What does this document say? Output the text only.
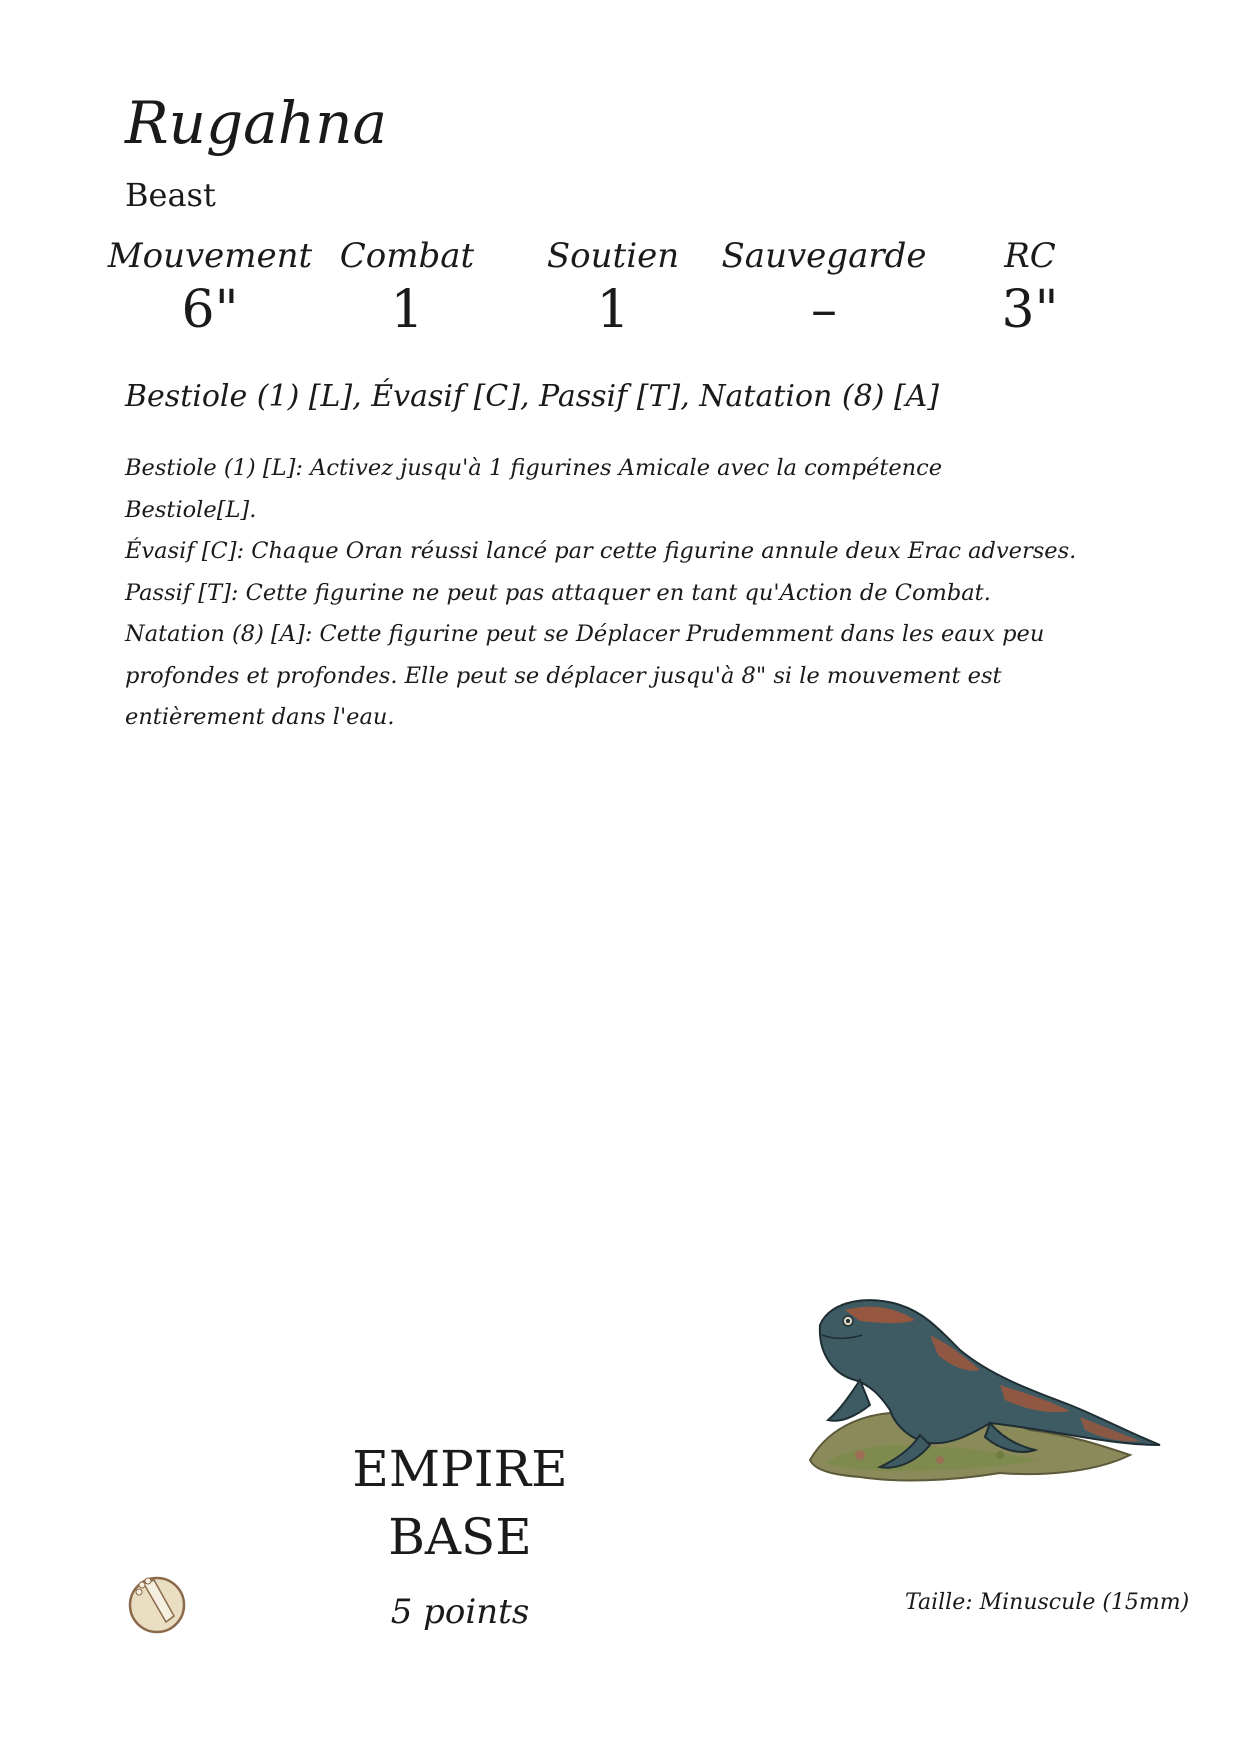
Rugahna
Beast
Mouvement
6"
Combat
1
Soutien
1
Sauvegarde
–
RC
3"
Bestiole (1) [L], Évasif [C], Passif [T], Natation (8) [A]
Bestiole (1) [L]: Activez jusqu'à 1 figurines Amicale avec la compétence
Bestiole[L].
Évasif [C]: Chaque Oran réussi lancé par cette figurine annule deux Erac adverses.
Passif [T]: Cette figurine ne peut pas attaquer en tant qu'Action de Combat.
Natation (8) [A]: Cette figurine peut se Déplacer Prudemment dans les eaux peu
profondes et profondes. Elle peut se déplacer jusqu'à 8" si le mouvement est
entièrement dans l'eau.
EMPIRE
BASE
5 points	Taille: Minuscule (15mm)
